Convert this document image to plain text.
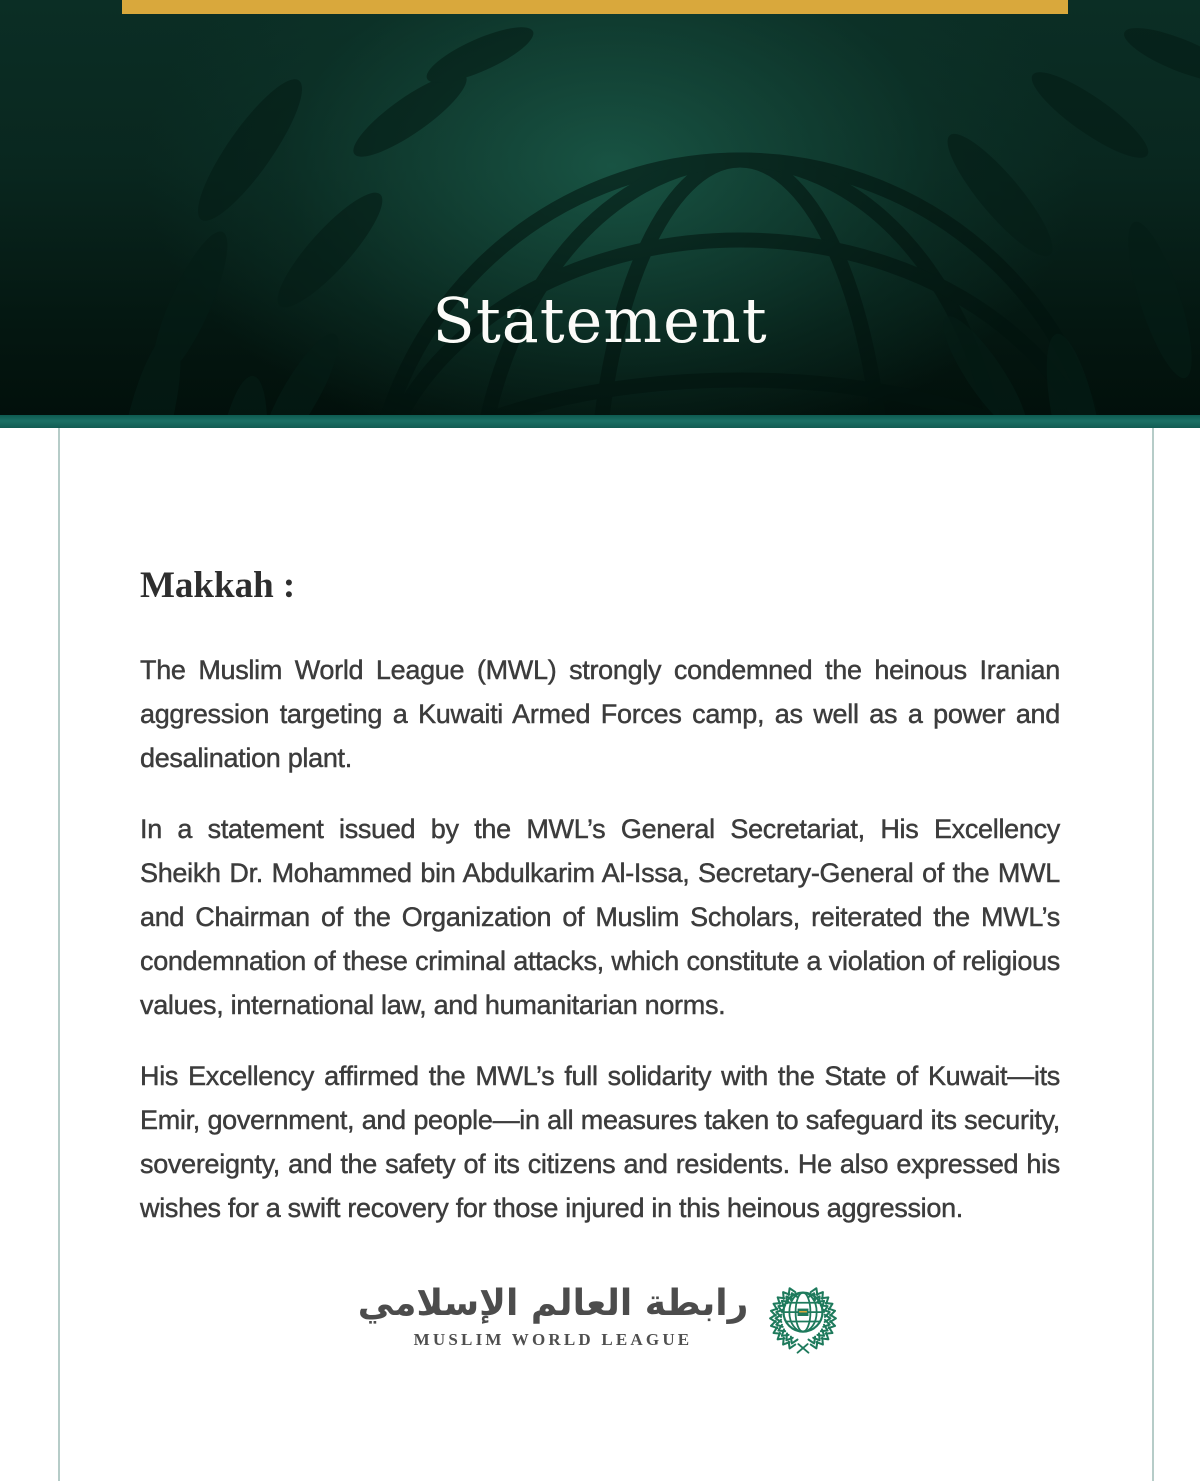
Statement
Makkah :

The Muslim World League (MWL) strongly condemned the heinous Iranian aggression targeting a Kuwaiti Armed Forces camp, as well as a power and desalination plant.

In a statement issued by the MWL’s General Secretariat, His Excellency Sheikh Dr. Mohammed bin Abdulkarim Al-Issa, Secretary-General of the MWL and Chairman of the Organization of Muslim Scholars, reiterated the MWL’s condemnation of these criminal attacks, which constitute a violation of religious values, international law, and humanitarian norms.

His Excellency affirmed the MWL’s full solidarity with the State of Kuwait—its Emir, government, and people—in all measures taken to safeguard its security, sovereignty, and the safety of its citizens and residents. He also expressed his wishes for a swift recovery for those injured in this heinous aggression.

رابطة العالم الإسلامي
MUSLIM WORLD LEAGUE
